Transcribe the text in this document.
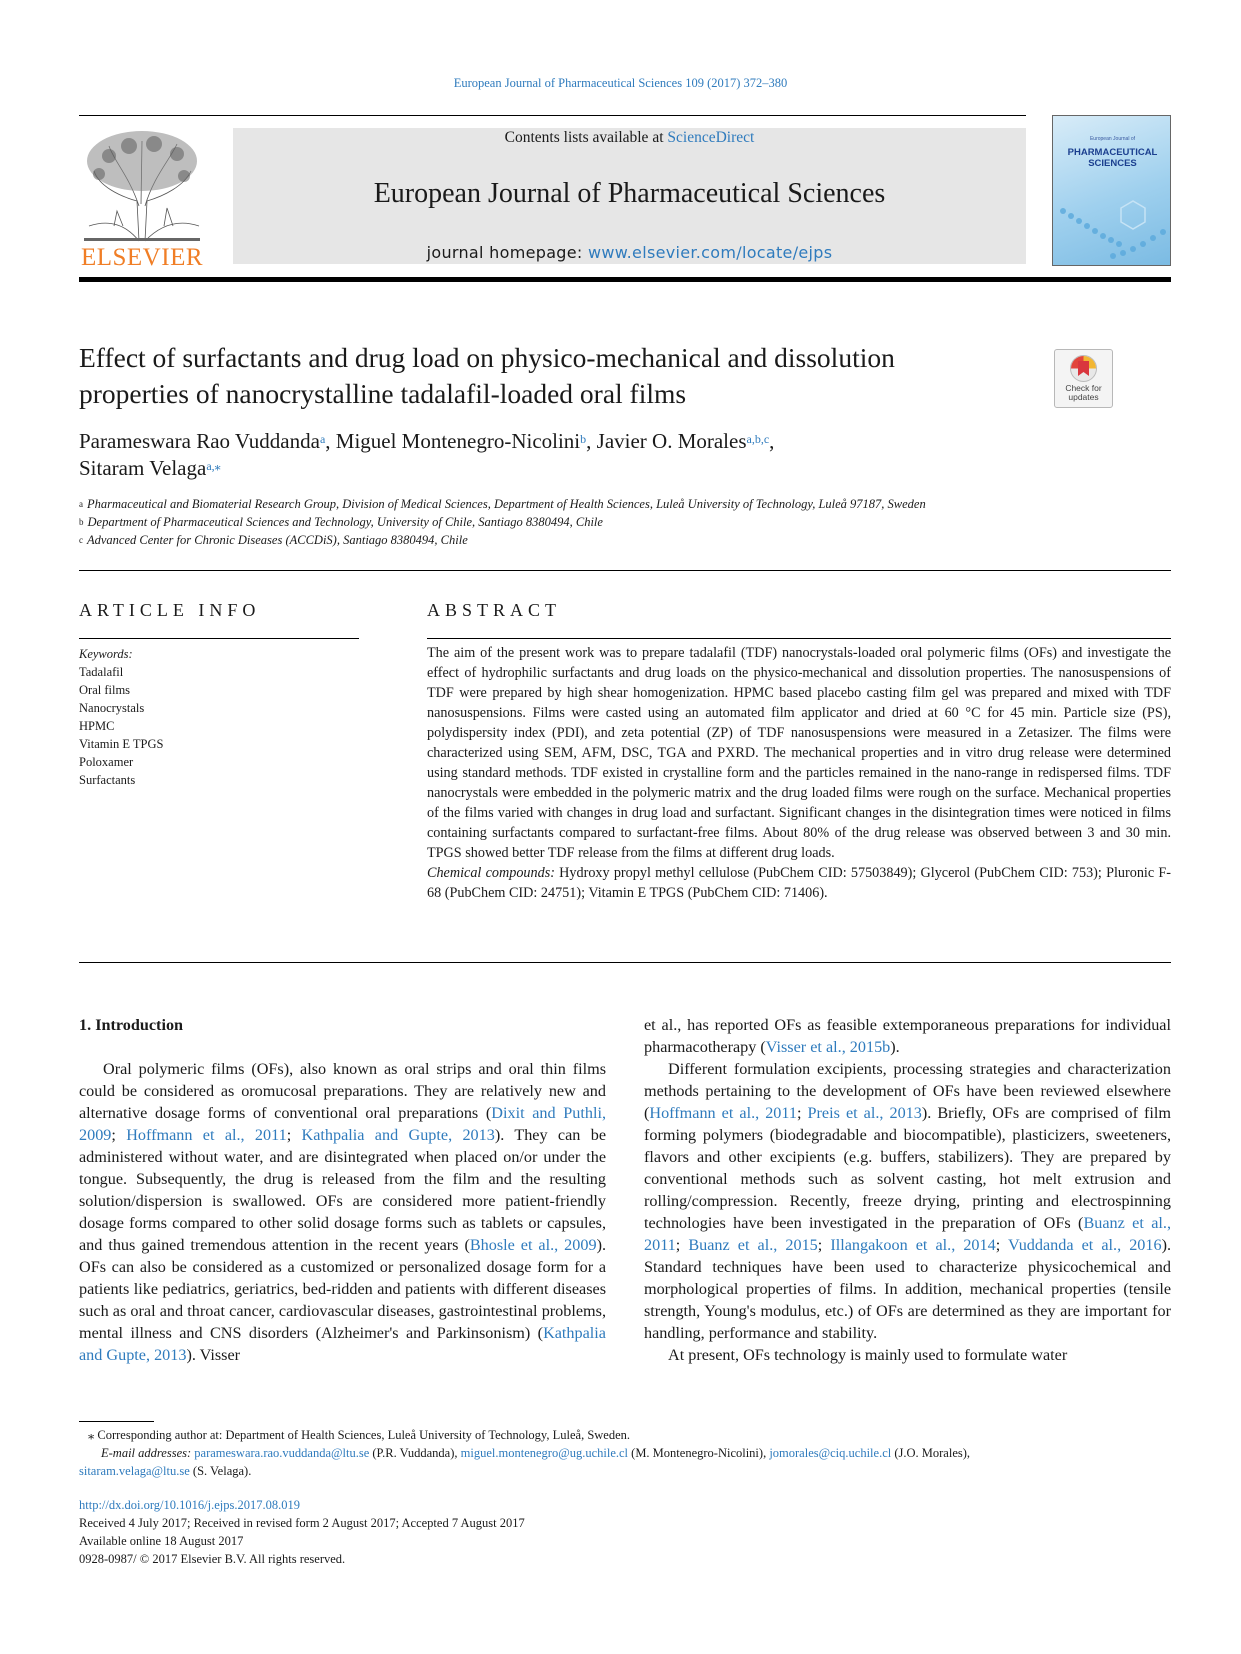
European Journal of Pharmaceutical Sciences 109 (2017) 372–380
ELSEVIER
Contents lists available at ScienceDirect
European Journal of Pharmaceutical Sciences
journal homepage: www.elsevier.com/locate/ejps
European Journal of
PHARMACEUTICAL SCIENCES
Effect of surfactants and drug load on physico-mechanical and dissolution
properties of nanocrystalline tadalafil-loaded oral films	Check for
updates
Parameswara Rao Vuddanda$^a$, Miguel Montenegro-Nicolini$^b$, Javier O. Morales$^{a,b,c}$,
Sitaram Velaga$^{a,⁎}$
$^a$ Pharmaceutical and Biomaterial Research Group, Division of Medical Sciences, Department of Health Sciences, Luleå University of Technology, Luleå 97187, Sweden
$^b$ Department of Pharmaceutical Sciences and Technology, University of Chile, Santiago 8380494, Chile
$^c$ Advanced Center for Chronic Diseases (ACCDiS), Santiago 8380494, Chile
ARTICLE INFO	ABSTRACT
Keywords:
Tadalafil
Oral films
Nanocrystals
HPMC
Vitamin E TPGS
Poloxamer
Surfactants

The aim of the present work was to prepare tadalafil (TDF) nanocrystals-loaded oral polymeric films (OFs) and investigate the effect of hydrophilic surfactants and drug loads on the physico-mechanical and dissolution properties. The nanosuspensions of TDF were prepared by high shear homogenization. HPMC based placebo casting film gel was prepared and mixed with TDF nanosuspensions. Films were casted using an automated film applicator and dried at 60 °C for 45 min. Particle size (PS), polydispersity index (PDI), and zeta potential (ZP) of TDF nanosuspensions were measured in a Zetasizer. The films were characterized using SEM, AFM, DSC, TGA and PXRD. The mechanical properties and in vitro drug release were determined using standard methods. TDF existed in crystalline form and the particles remained in the nano-range in redispersed films. TDF nanocrystals were embedded in the polymeric matrix and the drug loaded films were rough on the surface. Mechanical properties of the films varied with changes in drug load and surfactant. Significant changes in the disintegration times were noticed in films containing surfactants compared to surfactant-free films. About 80% of the drug release was observed between 3 and 30 min. TPGS showed better TDF release from the films at different drug loads.

Chemical compounds: Hydroxy propyl methyl cellulose (PubChem CID: 57503849); Glycerol (PubChem CID: 753); Pluronic F-68 (PubChem CID: 24751); Vitamin E TPGS (PubChem CID: 71406).

1. Introduction

Oral polymeric films (OFs), also known as oral strips and oral thin films could be considered as oromucosal preparations. They are relatively new and alternative dosage forms of conventional oral preparations (Dixit and Puthli, 2009; Hoffmann et al., 2011; Kathpalia and Gupte, 2013). They can be administered without water, and are disintegrated when placed on/or under the tongue. Subsequently, the drug is released from the film and the resulting solution/dispersion is swallowed. OFs are considered more patient-friendly dosage forms compared to other solid dosage forms such as tablets or capsules, and thus gained tremendous attention in the recent years (Bhosle et al., 2009). OFs can also be considered as a customized or personalized dosage form for a patients like pediatrics, geriatrics, bed-ridden and patients with different diseases such as oral and throat cancer, cardiovascular diseases, gastrointestinal problems, mental illness and CNS disorders (Alzheimer's and Parkinsonism) (Kathpalia and Gupte, 2013). Visser

et al., has reported OFs as feasible extemporaneous preparations for individual pharmacotherapy (Visser et al., 2015b).

Different formulation excipients, processing strategies and characterization methods pertaining to the development of OFs have been reviewed elsewhere (Hoffmann et al., 2011; Preis et al., 2013). Briefly, OFs are comprised of film forming polymers (biodegradable and biocompatible), plasticizers, sweeteners, flavors and other excipients (e.g. buffers, stabilizers). They are prepared by conventional methods such as solvent casting, hot melt extrusion and rolling/compression. Recently, freeze drying, printing and electrospinning technologies have been investigated in the preparation of OFs (Buanz et al., 2011; Buanz et al., 2015; Illangakoon et al., 2014; Vuddanda et al., 2016). Standard techniques have been used to characterize physicochemical and morphological properties of films. In addition, mechanical properties (tensile strength, Young's modulus, etc.) of OFs are determined as they are important for handling, performance and stability.

At present, OFs technology is mainly used to formulate water

⁎ Corresponding author at: Department of Health Sciences, Luleå University of Technology, Luleå, Sweden.

E-mail addresses: parameswara.rao.vuddanda@ltu.se (P.R. Vuddanda), miguel.montenegro@ug.uchile.cl (M. Montenegro-Nicolini), jomorales@ciq.uchile.cl (J.O. Morales),

sitaram.velaga@ltu.se (S. Velaga).

http://dx.doi.org/10.1016/j.ejps.2017.08.019

Received 4 July 2017; Received in revised form 2 August 2017; Accepted 7 August 2017

Available online 18 August 2017

0928-0987/ © 2017 Elsevier B.V. All rights reserved.
